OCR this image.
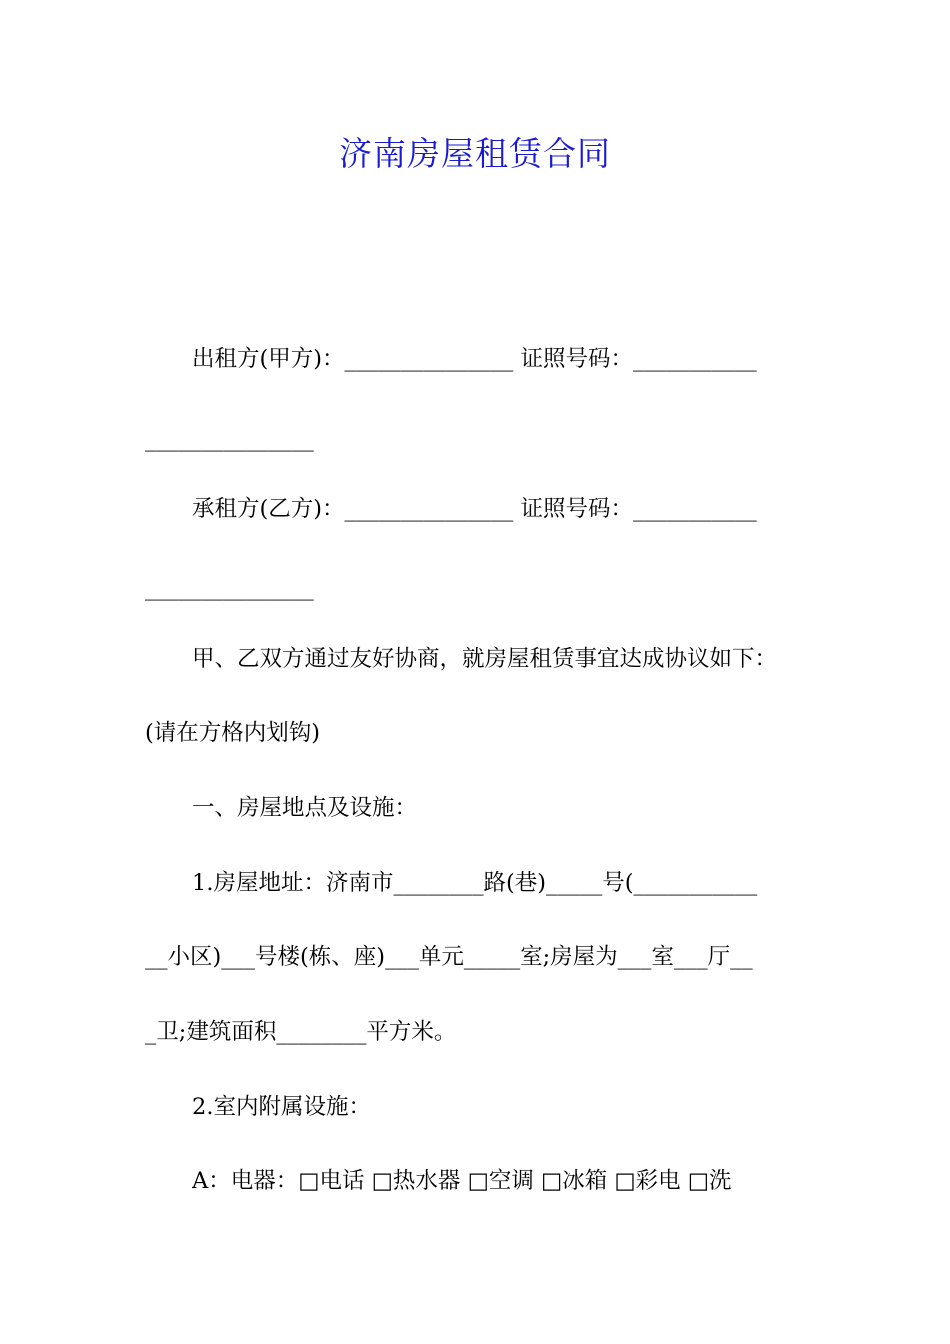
济南房屋租赁合同
出租方(甲方)：_______________ 证照号码：___________
_______________
承租方(乙方)：_______________ 证照号码：___________
_______________
甲、乙双方通过友好协商，就房屋租赁事宜达成协议如下：
(请在方格内划钩)
一、房屋地点及设施：
1.房屋地址：济南市________路(巷)_____号(___________
__小区)___号楼(栋、座)___单元_____室;房屋为___室___厅__
_卫;建筑面积________平方米。
2.室内附属设施：
A：电器：□电话 □热水器 □空调 □冰箱 □彩电 □洗
